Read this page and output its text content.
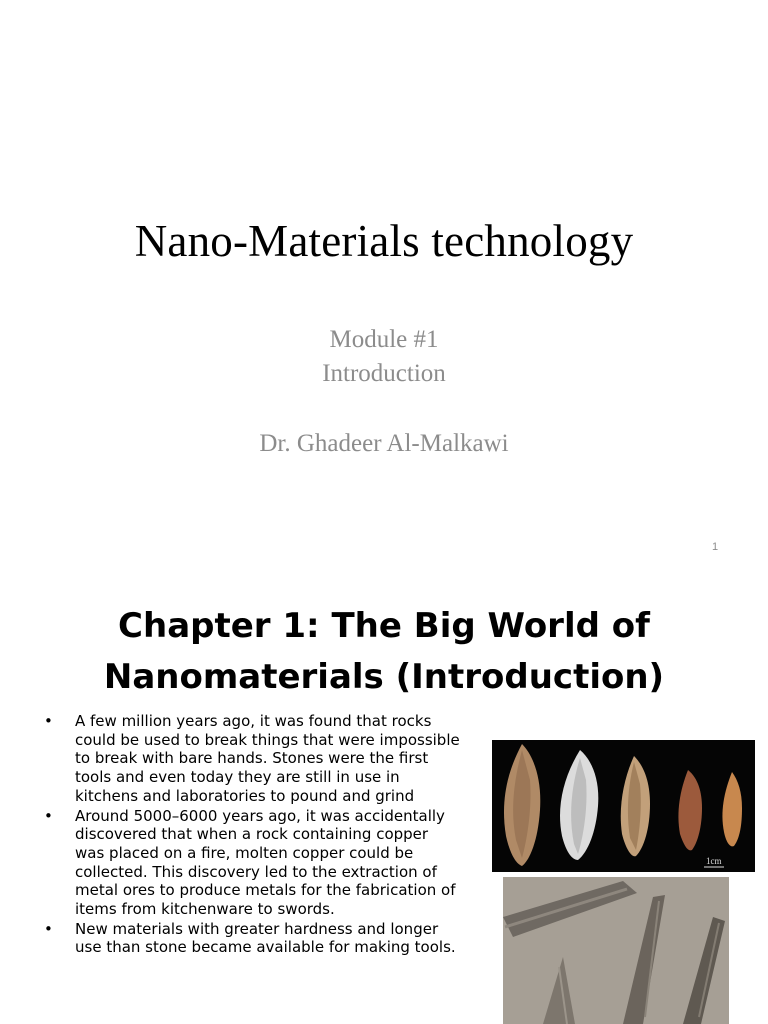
Nano-Materials technology
Module #1
Introduction
Dr. Ghadeer Al-Malkawi
1
Chapter 1: The Big World of
Nanomaterials (Introduction)
• A few million years ago, it was found that rocks could be used to break things that were impossible to break with bare hands. Stones were the first tools and even today they are still in use in kitchens and laboratories to pound and grind
• Around 5000–6000 years ago, it was accidentally discovered that when a rock containing copper was placed on a fire, molten copper could be collected. This discovery led to the extraction of metal ores to produce metals for the fabrication of items from kitchenware to swords.
• New materials with greater hardness and longer use than stone became available for making tools.
1cm
